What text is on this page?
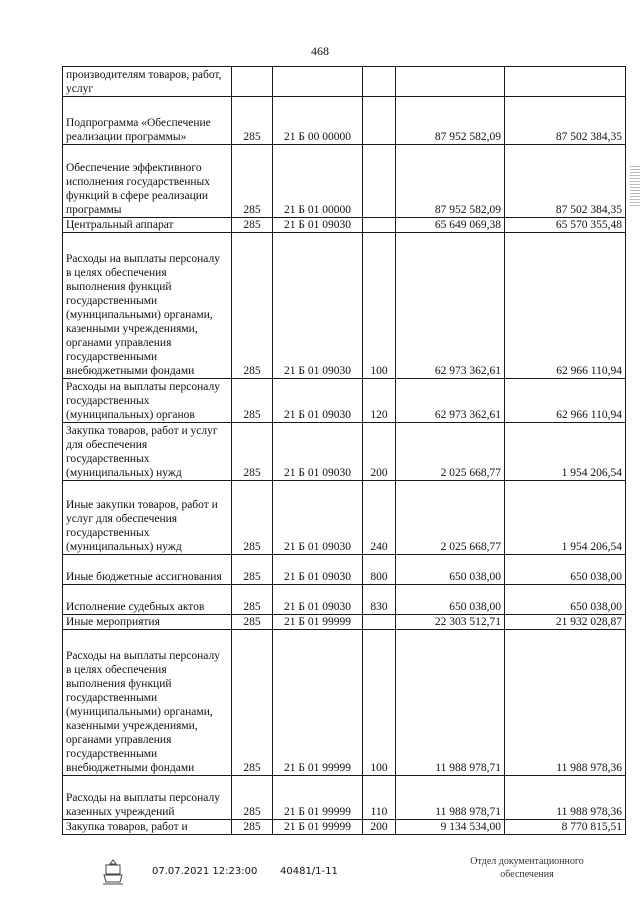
468
производителям товаров, работ, услуг					
Подпрограмма «Обеспечение реализации программы»	285	21 Б 00 00000		87 952 582,09	87 502 384,35
Обеспечение эффективного исполнения государственных функций в сфере реализации программы	285	21 Б 01 00000		87 952 582,09	87 502 384,35
Центральный аппарат	285	21 Б 01 09030		65 649 069,38	65 570 355,48
Расходы на выплаты персоналу в целях обеспечения выполнения функций государственными (муниципальными) органами, казенными учреждениями, органами управления государственными внебюджетными фондами	285	21 Б 01 09030	100	62 973 362,61	62 966 110,94
Расходы на выплаты персоналу государственных (муниципальных) органов	285	21 Б 01 09030	120	62 973 362,61	62 966 110,94
Закупка товаров, работ и услуг для обеспечения государственных (муниципальных) нужд	285	21 Б 01 09030	200	2 025 668,77	1 954 206,54
Иные закупки товаров, работ и услуг для обеспечения государственных (муниципальных) нужд	285	21 Б 01 09030	240	2 025 668,77	1 954 206,54
Иные бюджетные ассигнования	285	21 Б 01 09030	800	650 038,00	650 038,00
Исполнение судебных актов	285	21 Б 01 09030	830	650 038,00	650 038,00
Иные мероприятия	285	21 Б 01 99999		22 303 512,71	21 932 028,87
Расходы на выплаты персоналу в целях обеспечения выполнения функций государственными (муниципальными) органами, казенными учреждениями, органами управления государственными внебюджетными фондами	285	21 Б 01 99999	100	11 988 978,71	11 988 978,36
Расходы на выплаты персоналу казенных учреждений	285	21 Б 01 99999	110	11 988 978,71	11 988 978,36
Закупка товаров, работ и	285	21 Б 01 99999	200	9 134 534,00	8 770 815,51
07.07.2021 12:23:00 40481/1-11
Отдел документационного
обеспечения
